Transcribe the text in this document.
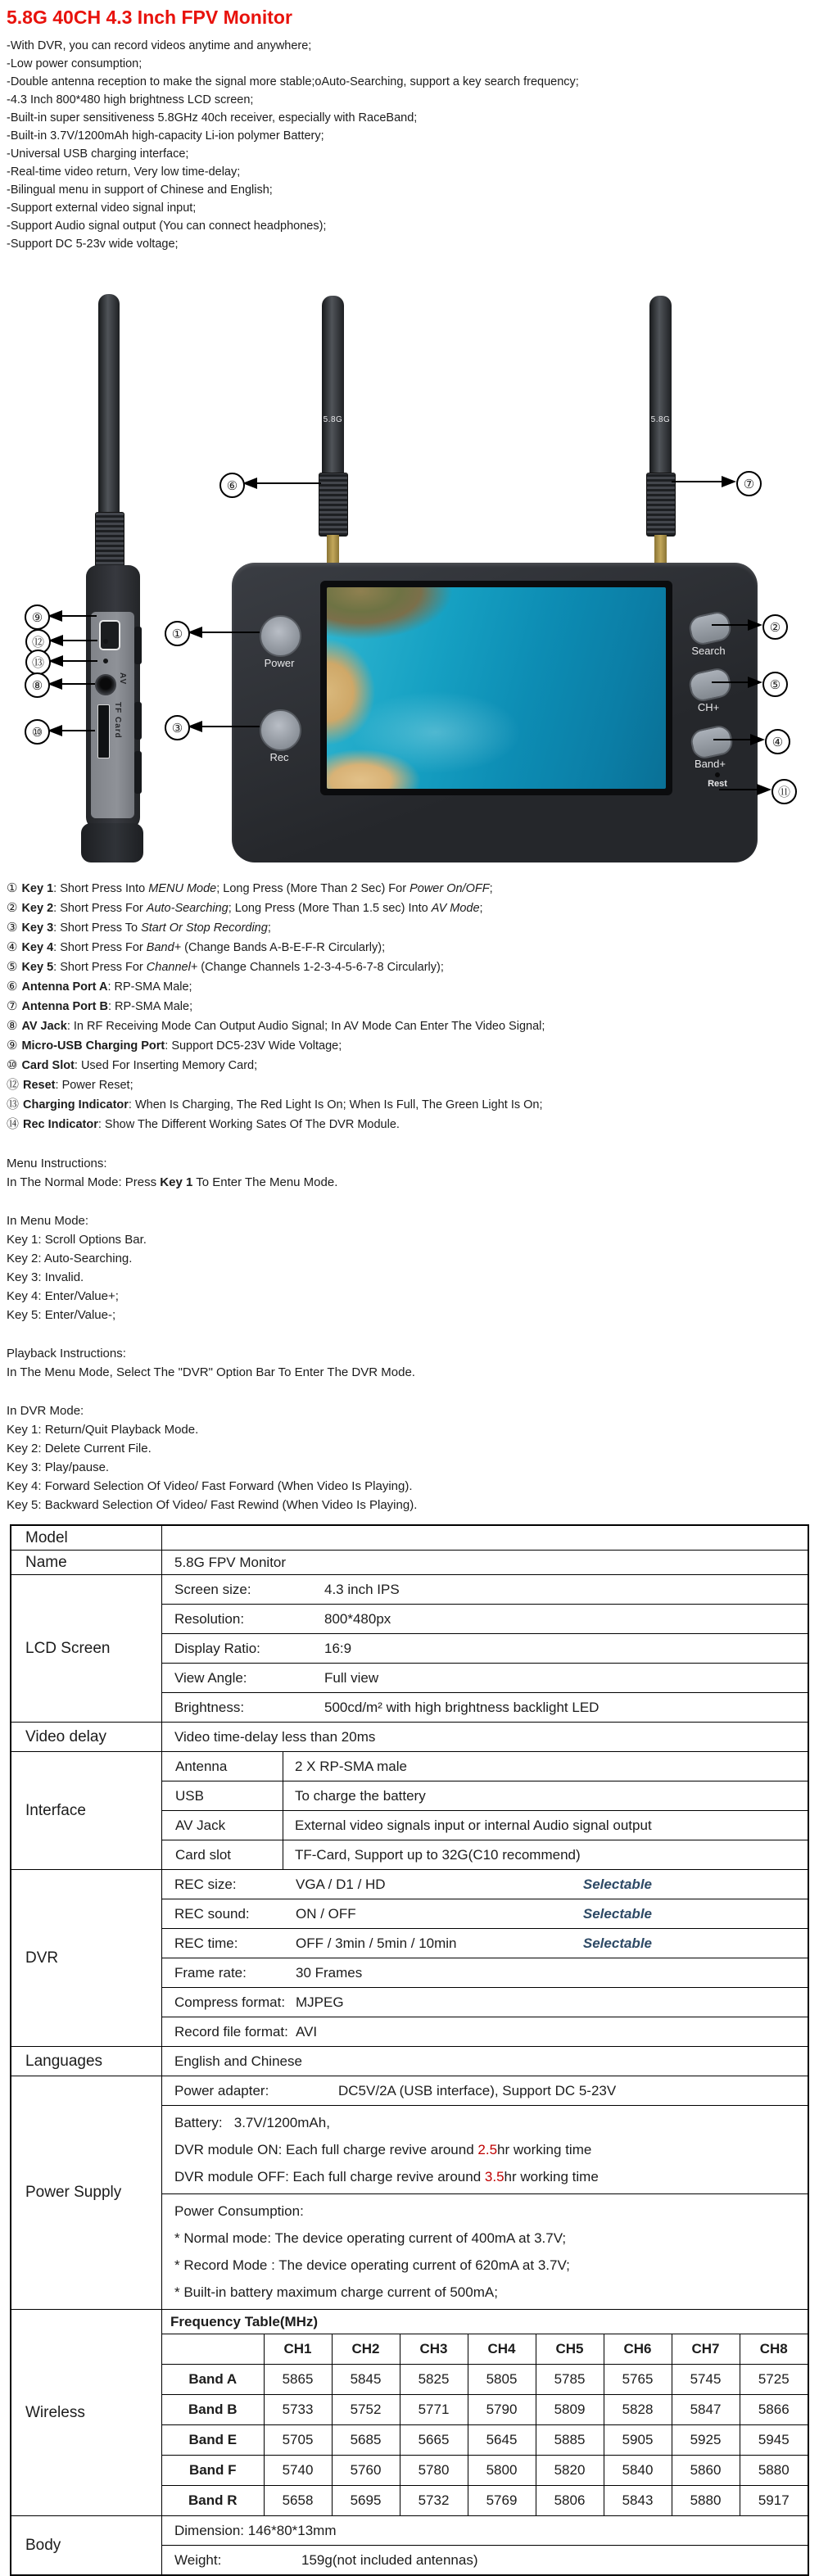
5.8G 40CH 4.3 Inch FPV Monitor
-With DVR, you can record videos anytime and anywhere;
-Low power consumption;
-Double antenna reception to make the signal more stable;oAuto-Searching, support a key search frequency;
-4.3 Inch 800*480 high brightness LCD screen;
-Built-in super sensitiveness 5.8GHz 40ch receiver, especially with RaceBand;
-Built-in 3.7V/1200mAh high-capacity Li-ion polymer Battery;
-Universal USB charging interface;
-Real-time video return, Very low time-delay;
-Bilingual menu in support of Chinese and English;
-Support external video signal input;
-Support Audio signal output (You can connect headphones);
-Support DC 5-23v wide voltage;
AV
TF Card
5.8G	5.8G
Power
Rec
Search
CH+
Band+
Rest
⑥	⑦
①
③
②
⑤
④
⑪
⑨
⑫
⑬
⑧
⑩
① Key 1: Short Press Into MENU Mode; Long Press (More Than 2 Sec) For Power On/OFF;
② Key 2: Short Press For Auto-Searching; Long Press (More Than 1.5 sec) Into AV Mode;
③ Key 3: Short Press To Start Or Stop Recording;
④ Key 4: Short Press For Band+ (Change Bands A-B-E-F-R Circularly);
⑤ Key 5: Short Press For Channel+ (Change Channels 1-2-3-4-5-6-7-8 Circularly);
⑥ Antenna Port A: RP-SMA Male;
⑦ Antenna Port B: RP-SMA Male;
⑧ AV Jack: In RF Receiving Mode Can Output Audio Signal; In AV Mode Can Enter The Video Signal;
⑨ Micro-USB Charging Port: Support DC5-23V Wide Voltage;
⑩ Card Slot: Used For Inserting Memory Card;
⑫ Reset: Power Reset;
⑬ Charging Indicator: When Is Charging, The Red Light Is On; When Is Full, The Green Light Is On;
⑭ Rec Indicator: Show The Different Working Sates Of The DVR Module.
Menu Instructions:
In The Normal Mode: Press Key 1 To Enter The Menu Mode.
In Menu Mode:
Key 1: Scroll Options Bar.
Key 2: Auto-Searching.
Key 3: Invalid.
Key 4: Enter/Value+;
Key 5: Enter/Value-;
Playback Instructions:
In The Menu Mode, Select The "DVR" Option Bar To Enter The DVR Mode.
In DVR Mode:
Key 1: Return/Quit Playback Mode.
Key 2: Delete Current File.
Key 3: Play/pause.
Key 4: Forward Selection Of Video/ Fast Forward (When Video Is Playing).
Key 5: Backward Selection Of Video/ Fast Rewind (When Video Is Playing).
Model	

Name	5.8G FPV Monitor

LCD Screen	
Screen size:	4.3 inch IPS

Resolution:	800*480px

Display Ratio:	16:9

View Angle:	Full view

Brightness:	500cd/m² with high brightness backlight LED

Video delay	Video time-delay less than 20ms

Interface	
Antenna	2 X RP-SMA male

USB	To charge the battery

AV Jack	External video signals input or internal Audio signal output

Card slot	TF-Card, Support up to 32G(C10 recommend)

DVR	
REC size:	VGA / D1 / HD	Selectable

REC sound:	ON / OFF	Selectable

REC time:	OFF / 3min / 5min / 10min	Selectable

Frame rate:	30 Frames

Compress format: MJPEG

Record file format: AVI

Languages	English and Chinese

Power Supply	
Power adapter:	DC5V/2A (USB interface), Support DC 5-23V

Battery:   3.7V/1200mAh,
DVR module ON: Each full charge revive around 2.5hr working time
DVR module OFF: Each full charge revive around 3.5hr working time

Power Consumption:
* Normal mode: The device operating current of 400mA at 3.7V;
* Record Mode : The device operating current of 620mA at 3.7V;
* Built-in battery maximum charge current of 500mA;

Wireless	
Frequency Table(MHz)
	CH1	CH2	CH3	CH4	CH5	CH6	CH7	CH8
Band A	5865	5845	5825	5805	5785	5765	5745	5725
Band B	5733	5752	5771	5790	5809	5828	5847	5866
Band E	5705	5685	5665	5645	5885	5905	5925	5945
Band F	5740	5760	5780	5800	5820	5840	5860	5880
Band R	5658	5695	5732	5769	5806	5843	5880	5917

Body	
Dimension: 146*80*13mm

Weight:	159g(not included antennas)
